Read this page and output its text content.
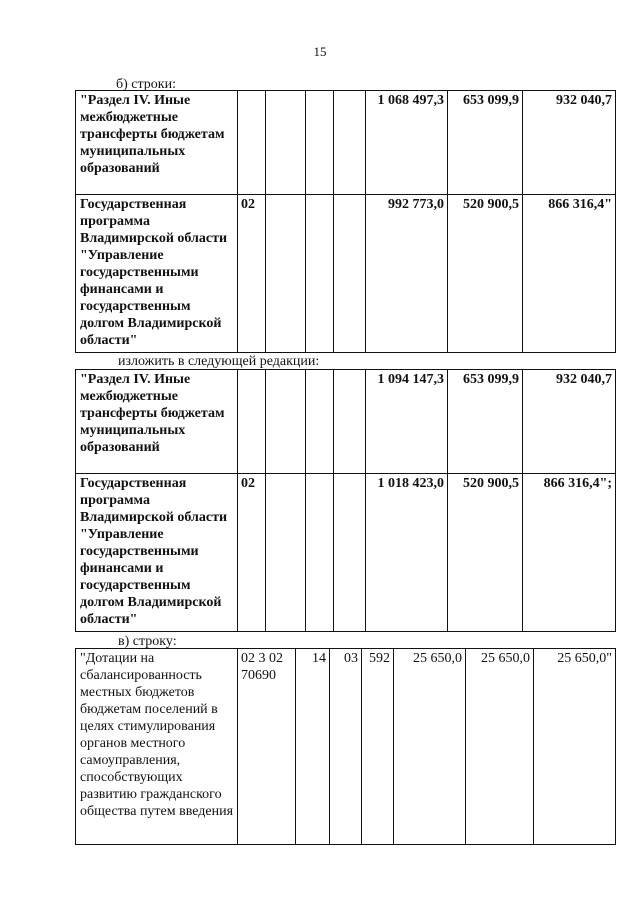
15
б) строки:
"Раздел IV. Иные межбюджетные трансферты бюджетам муниципальных образований					1 068 497,3	653 099,9	932 040,7
Государственная программа Владимирской области "Управление государственными финансами и государственным долгом Владимирской области"	02				992 773,0	520 900,5	866 316,4"
изложить в следующей редакции:
"Раздел IV. Иные межбюджетные трансферты бюджетам муниципальных образований					1 094 147,3	653 099,9	932 040,7
Государственная программа Владимирской области "Управление государственными финансами и государственным долгом Владимирской области"	02				1 018 423,0	520 900,5	866 316,4";
в) строку:
"Дотации на сбалансированность местных бюджетов бюджетам поселений в целях стимулирования органов местного самоуправления, способствующих развитию гражданского общества путем введения	02 3 02 70690	14	03	592	25 650,0	25 650,0	25 650,0"
